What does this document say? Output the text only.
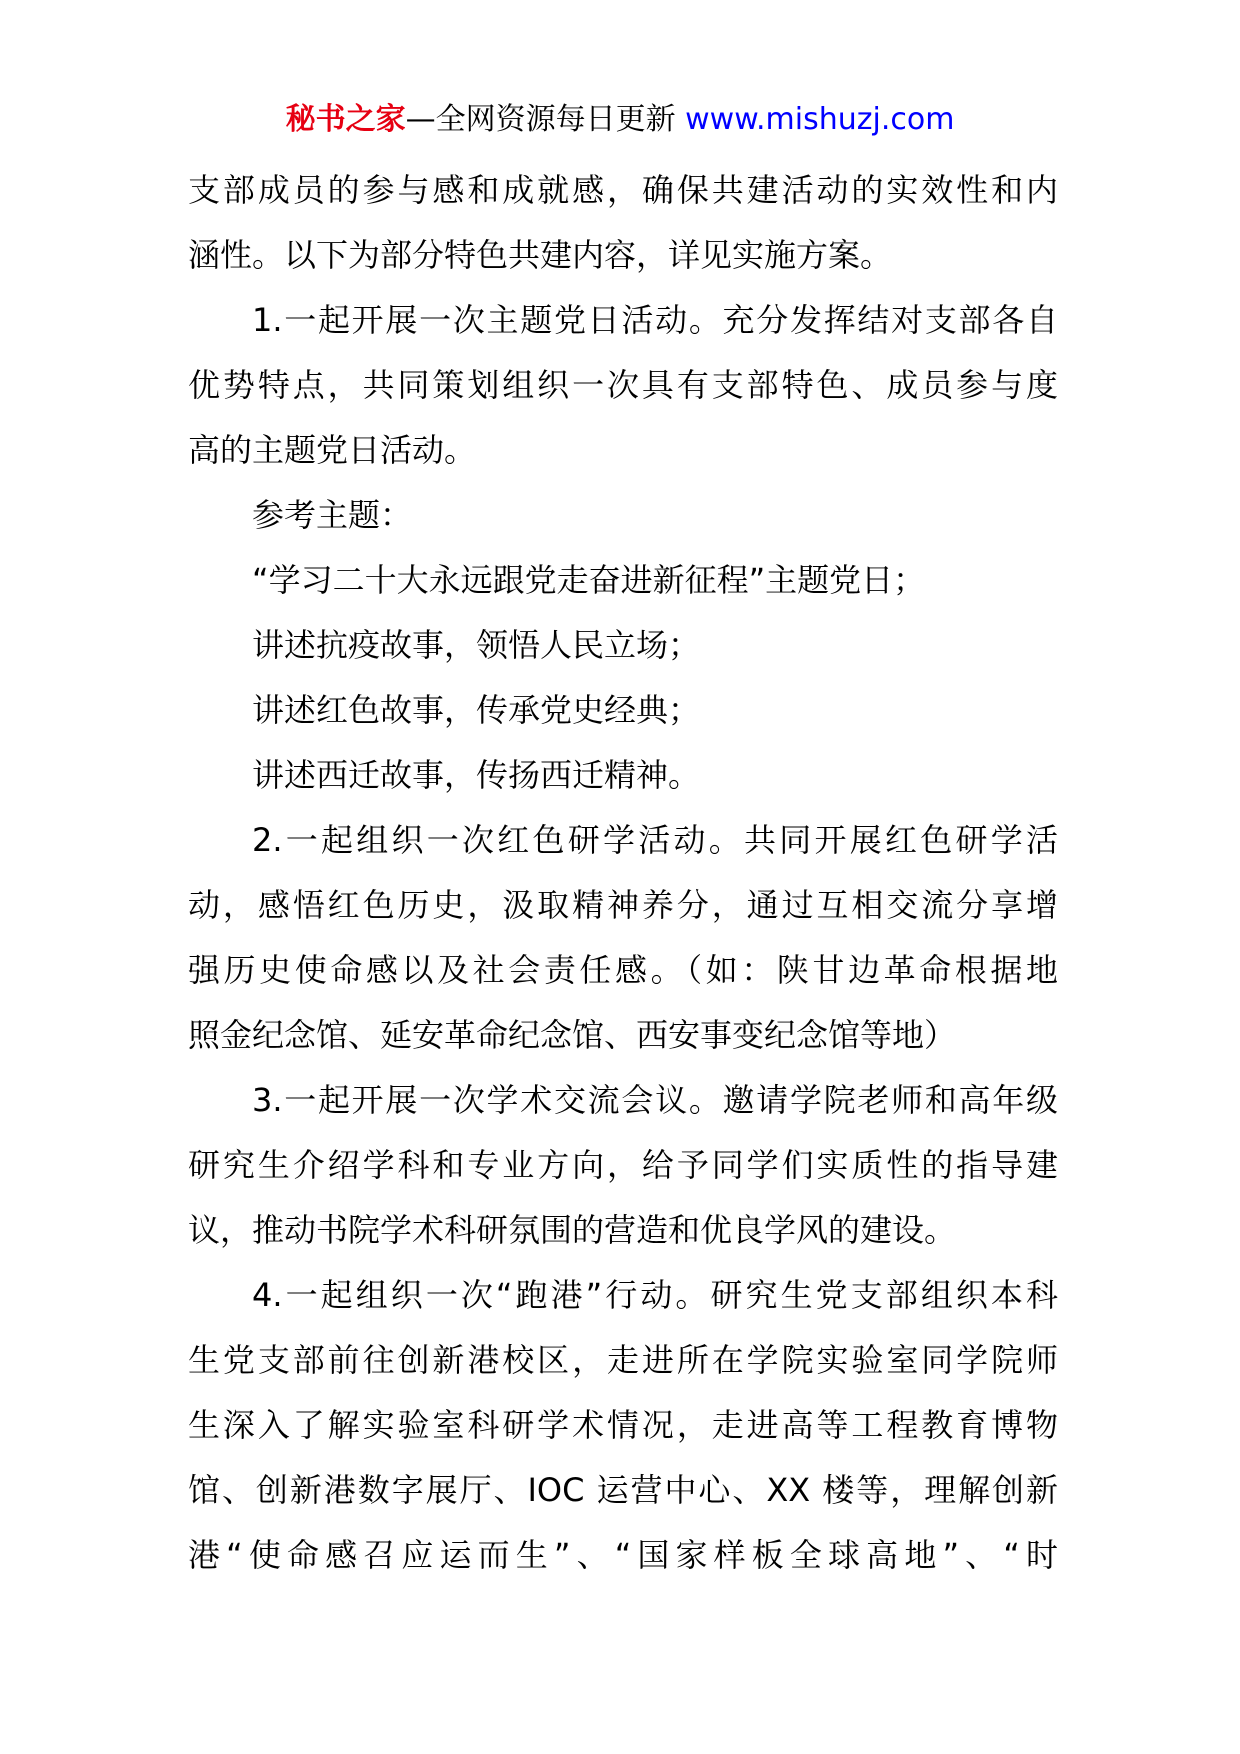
秘书之家—全网资源每日更新 www.mishuzj.com
支部成员的参与感和成就感，确保共建活动的实效性和内
涵性。以下为部分特色共建内容，详见实施方案。
1.一起开展一次主题党日活动。充分发挥结对支部各自
优势特点，共同策划组织一次具有支部特色、成员参与度
高的主题党日活动。
参考主题：
“学习二十大永远跟党走奋进新征程”主题党日；
讲述抗疫故事，领悟人民立场；
讲述红色故事，传承党史经典；
讲述西迁故事，传扬西迁精神。
2.一起组织一次红色研学活动。共同开展红色研学活
动，感悟红色历史，汲取精神养分，通过互相交流分享增
强历史使命感以及社会责任感。（如：陕甘边革命根据地
照金纪念馆、延安革命纪念馆、西安事变纪念馆等地）
3.一起开展一次学术交流会议。邀请学院老师和高年级
研究生介绍学科和专业方向，给予同学们实质性的指导建
议，推动书院学术科研氛围的营造和优良学风的建设。
4.一起组织一次“跑港”行动。研究生党支部组织本科
生党支部前往创新港校区，走进所在学院实验室同学院师
生深入了解实验室科研学术情况，走进高等工程教育博物
馆、创新港数字展厅、IOC 运营中心、XX 楼等，理解创新
港“使命感召应运而生”、“国家样板全球高地”、“时
